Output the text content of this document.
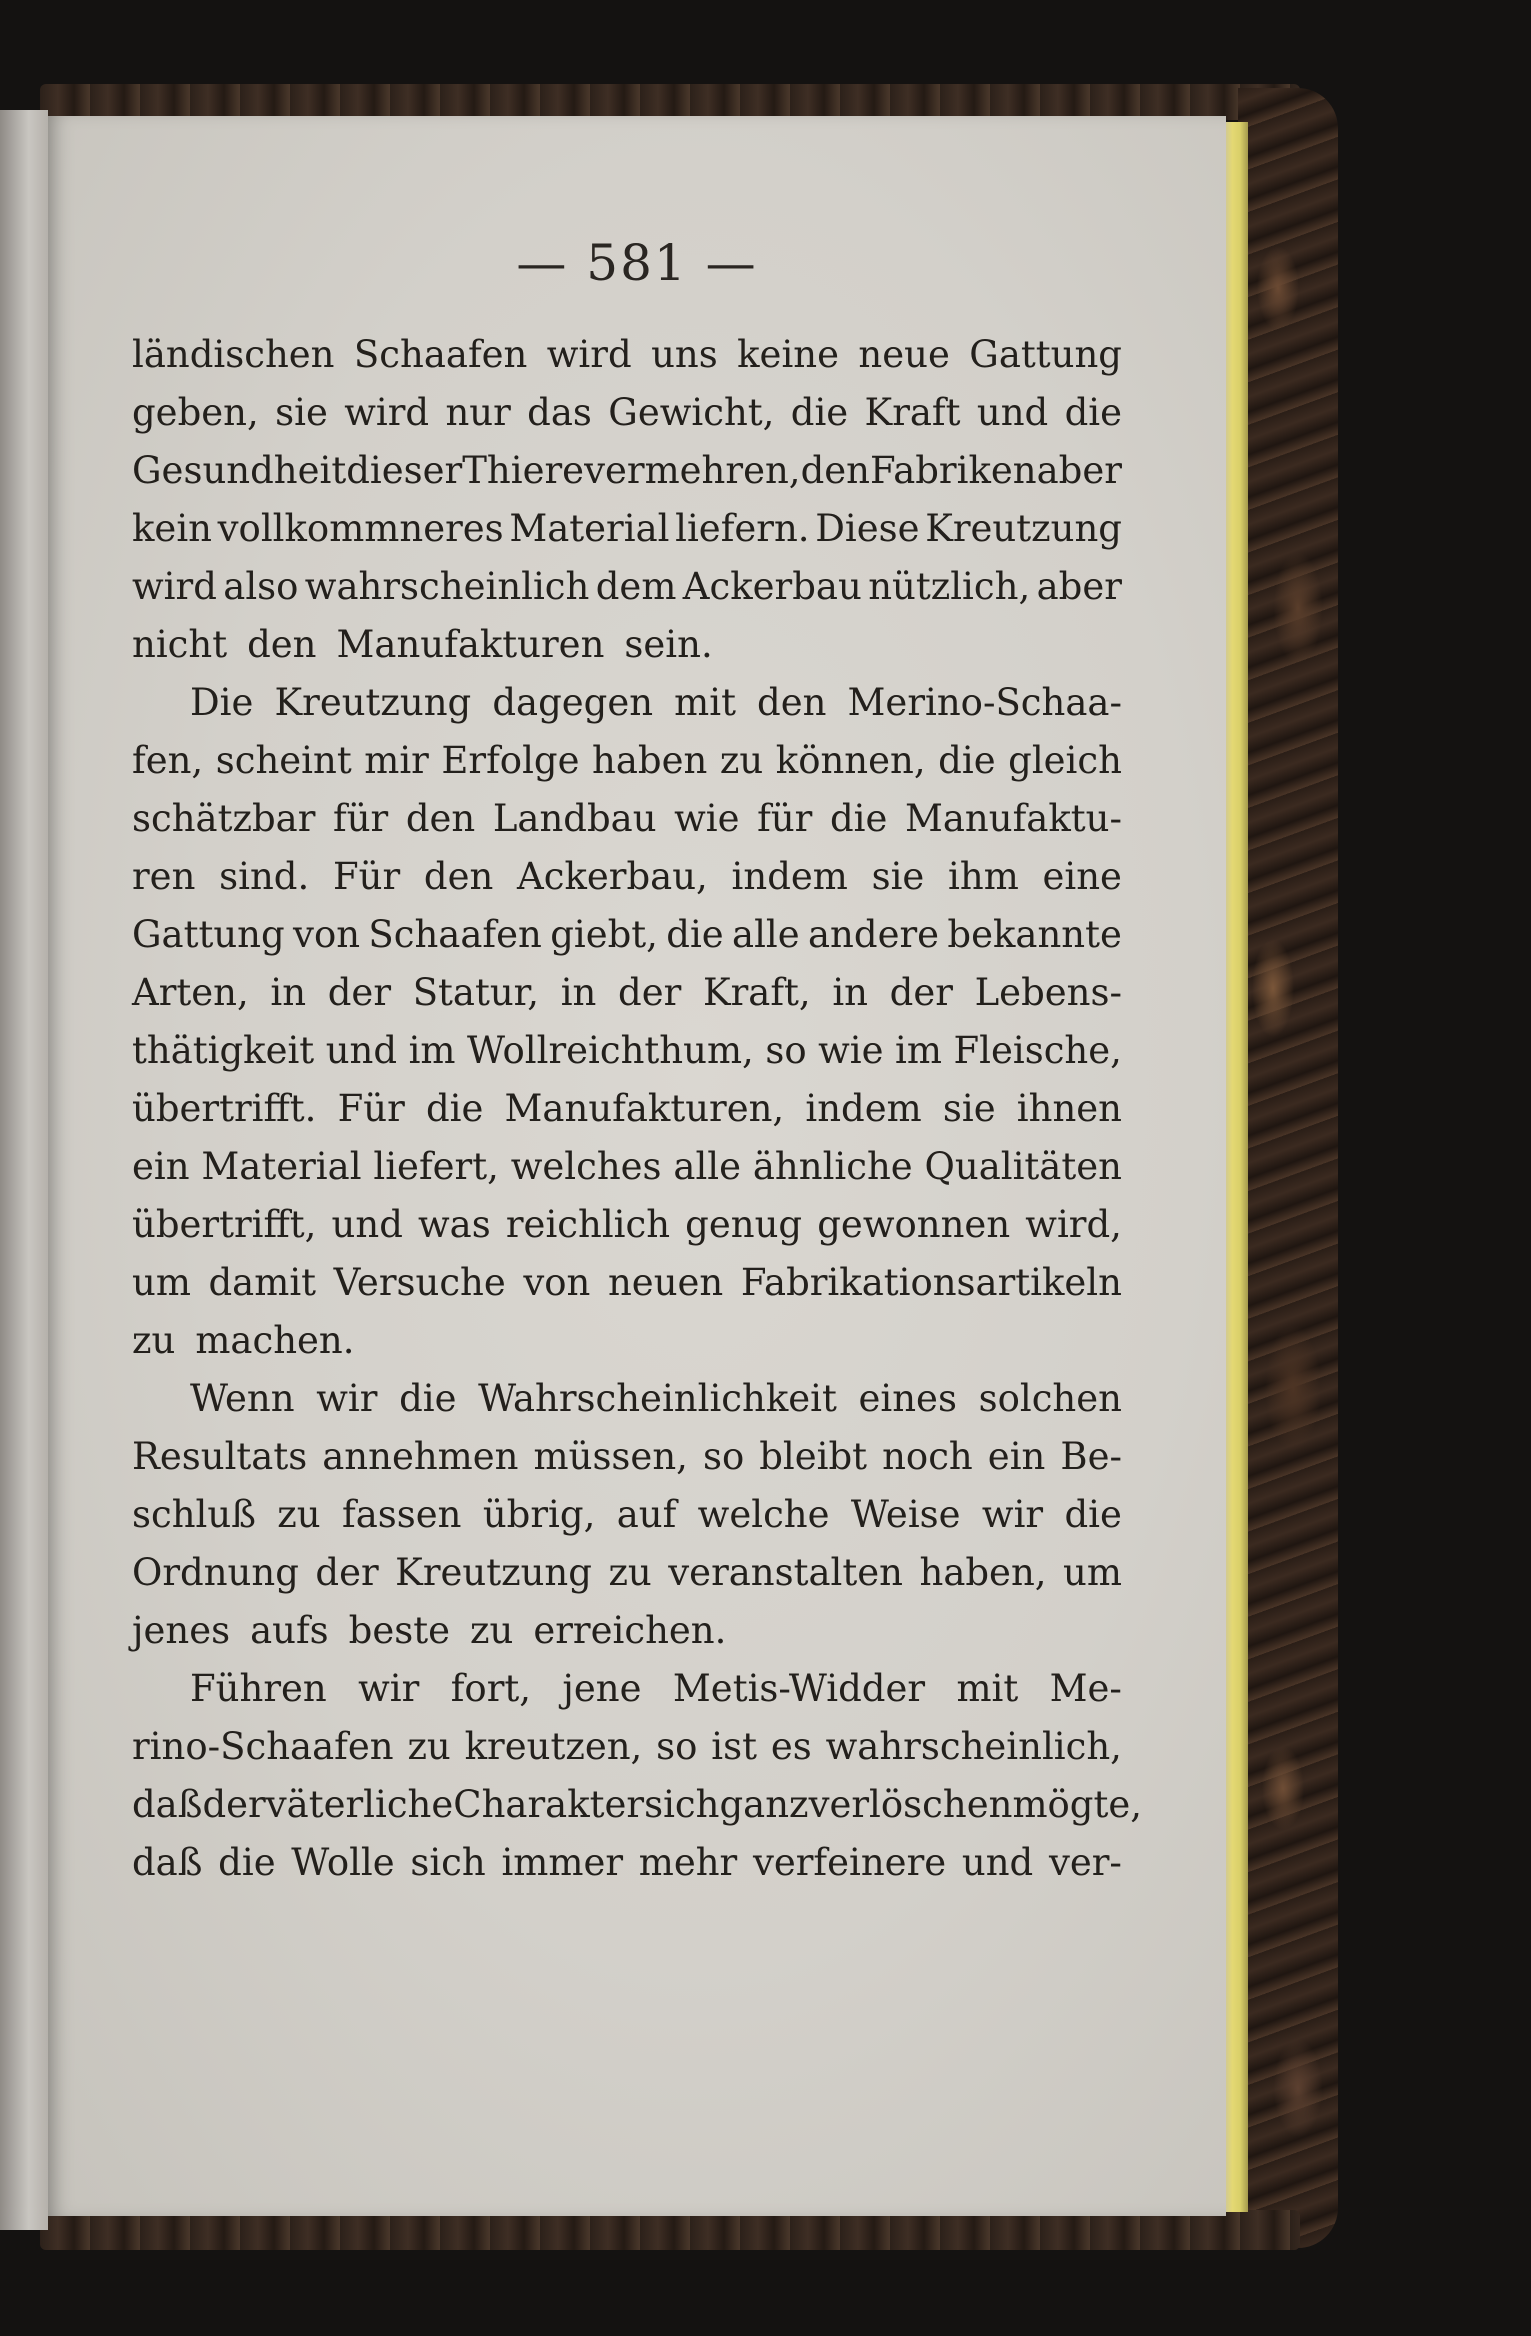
— 581 —
ländischen Schaafen wird uns keine neue Gattung
geben, sie wird nur das Gewicht, die Kraft und die
Gesundheit dieser Thiere vermehren, den Fabriken aber
kein vollkommneres Material liefern. Diese Kreutzung
wird also wahrscheinlich dem Ackerbau nützlich, aber
nicht den Manufakturen sein.
Die Kreutzung dagegen mit den Merino-Schaa-
fen, scheint mir Erfolge haben zu können, die gleich
schätzbar für den Landbau wie für die Manufaktu-
ren sind. Für den Ackerbau, indem sie ihm eine
Gattung von Schaafen giebt, die alle andere bekannte
Arten, in der Statur, in der Kraft, in der Lebens-
thätigkeit und im Wollreichthum, so wie im Fleische,
übertrifft. Für die Manufakturen, indem sie ihnen
ein Material liefert, welches alle ähnliche Qualitäten
übertrifft, und was reichlich genug gewonnen wird,
um damit Versuche von neuen Fabrikationsartikeln
zu machen.
Wenn wir die Wahrscheinlichkeit eines solchen
Resultats annehmen müssen, so bleibt noch ein Be-
schluß zu fassen übrig, auf welche Weise wir die
Ordnung der Kreutzung zu veranstalten haben, um
jenes aufs beste zu erreichen.
Führen wir fort, jene Metis-Widder mit Me-
rino-Schaafen zu kreutzen, so ist es wahrscheinlich,
daß der väterliche Charakter sich ganz verlöschen mögte,
daß die Wolle sich immer mehr verfeinere und ver-
